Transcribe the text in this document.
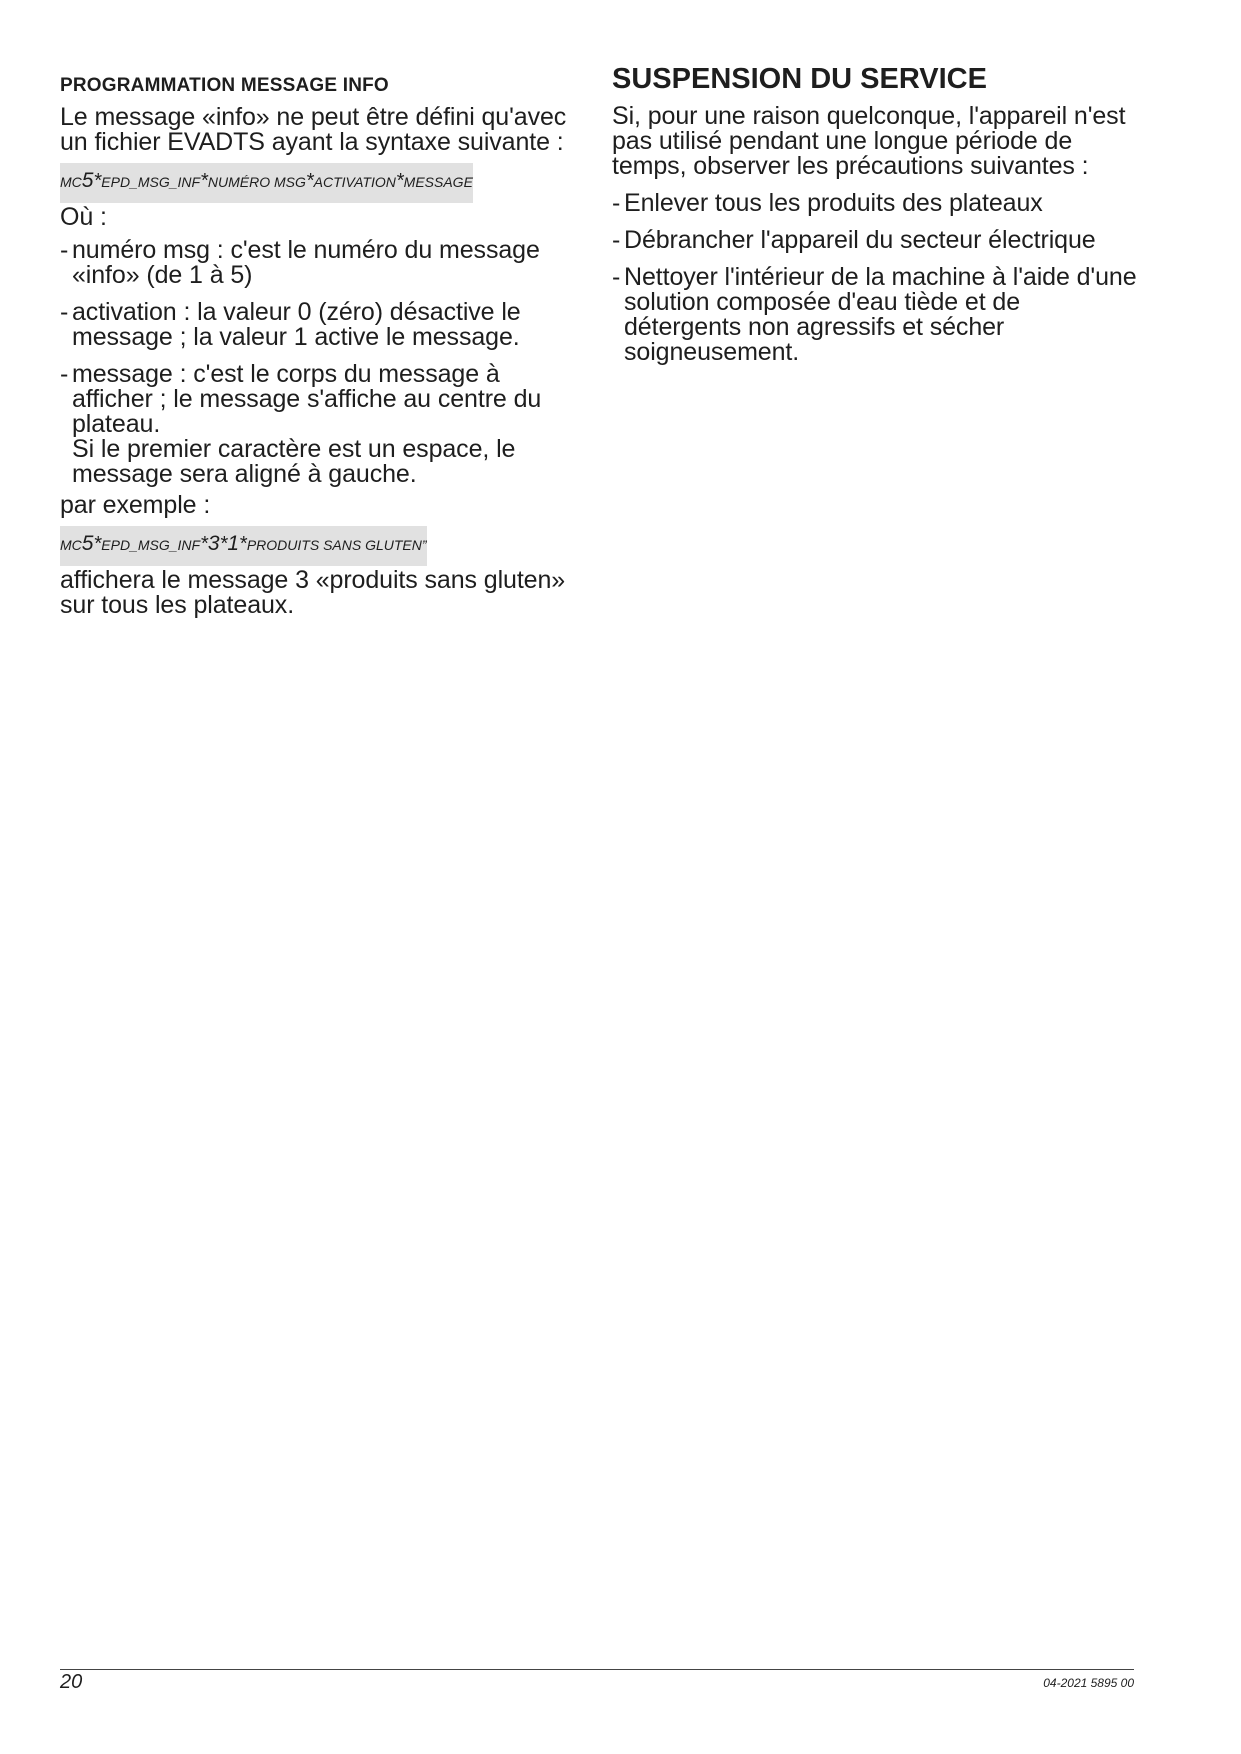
PROGRAMMATION MESSAGE INFO

Le message «info» ne peut être défini qu'avec un fichier EVADTS ayant la syntaxe suivante :

MC5*EPD_MSG_INF*NUMÉRO MSG*ACTIVATION*MESSAGE

Où :

- numéro msg : c'est le numéro du message «info» (de 1 à 5)
- activation : la valeur 0 (zéro) désactive le message ; la valeur 1 active le message.
- message : c'est le corps du message à afficher ; le message s'affiche au centre du plateau.
Si le premier caractère est un espace, le message sera aligné à gauche.

par exemple :

MC5*EPD_MSG_INF*3*1*PRODUITS SANS GLUTEN”

affichera le message 3 «produits sans gluten» sur tous les plateaux.

SUSPENSION DU SERVICE

Si, pour une raison quelconque, l'appareil n'est pas utilisé pendant une longue période de temps, observer les précautions suivantes :

- Enlever tous les produits des plateaux
- Débrancher l'appareil du secteur électrique
- Nettoyer l'intérieur de la machine à l'aide d'une solution composée d'eau tiède et de détergents non agressifs et sécher soigneusement.
20	04-2021 5895 00
